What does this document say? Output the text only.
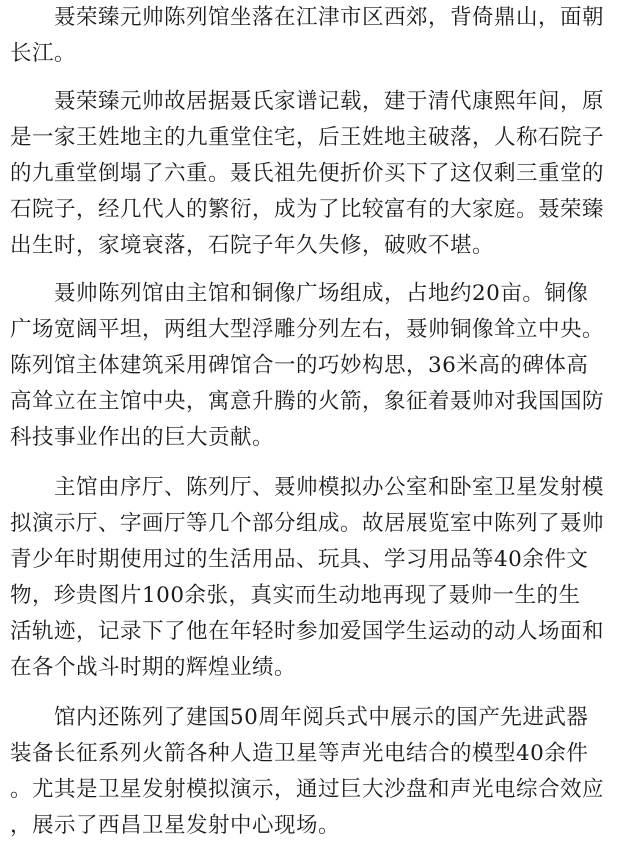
聂荣臻元帅陈列馆坐落在江津市区西郊，背倚鼎山，面朝
长江。

聂荣臻元帅故居据聂氏家谱记载，建于清代康熙年间，原
是一家王姓地主的九重堂住宅，后王姓地主破落，人称石院子
的九重堂倒塌了六重。聂氏祖先便折价买下了这仅剩三重堂的
石院子，经几代人的繁衍，成为了比较富有的大家庭。聂荣臻
出生时，家境衰落，石院子年久失修，破败不堪。

聂帅陈列馆由主馆和铜像广场组成，占地约20亩。铜像
广场宽阔平坦，两组大型浮雕分列左右，聂帅铜像耸立中央。
陈列馆主体建筑采用碑馆合一的巧妙构思，36米高的碑体高
高耸立在主馆中央，寓意升腾的火箭，象征着聂帅对我国国防
科技事业作出的巨大贡献。

主馆由序厅、陈列厅、聂帅模拟办公室和卧室卫星发射模
拟演示厅、字画厅等几个部分组成。故居展览室中陈列了聂帅
青少年时期使用过的生活用品、玩具、学习用品等40余件文
物，珍贵图片100余张，真实而生动地再现了聂帅一生的生
活轨迹，记录下了他在年轻时参加爱国学生运动的动人场面和
在各个战斗时期的辉煌业绩。

馆内还陈列了建国50周年阅兵式中展示的国产先进武器
装备长征系列火箭各种人造卫星等声光电结合的模型40余件
。尤其是卫星发射模拟演示，通过巨大沙盘和声光电综合效应
，展示了西昌卫星发射中心现场。
